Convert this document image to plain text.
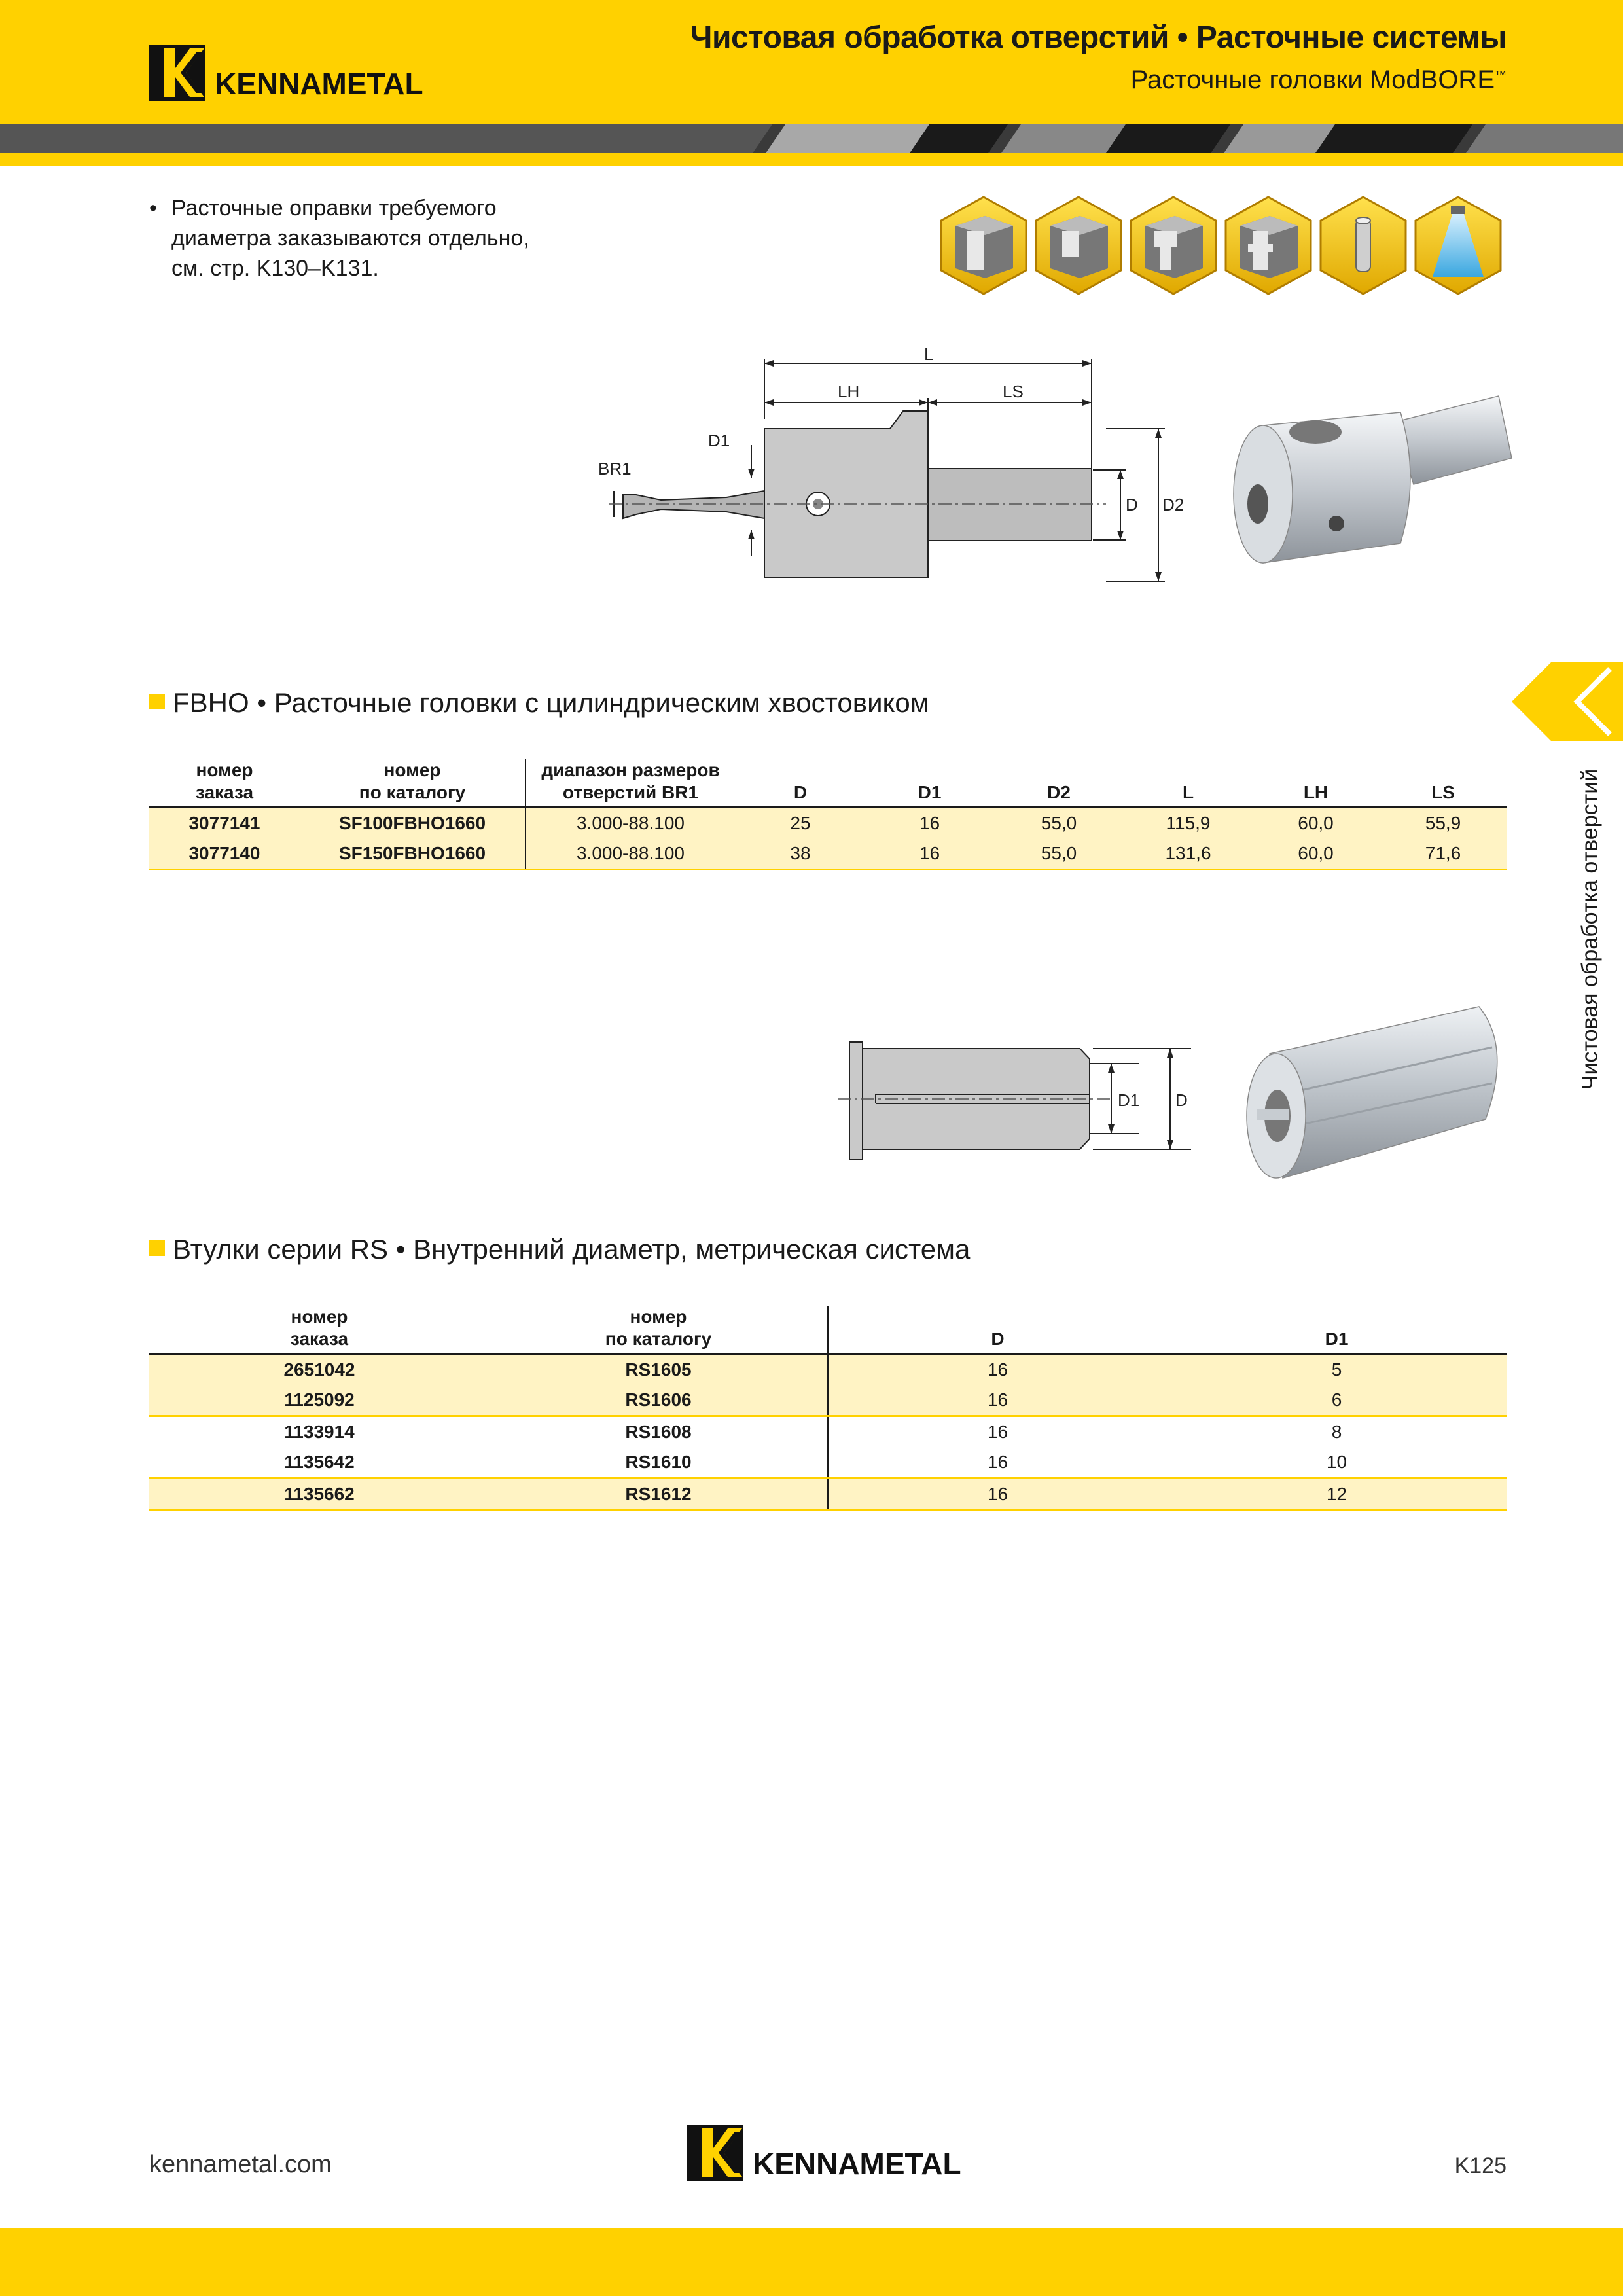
KENNAMETAL
Чистовая обработка отверстий • Расточные системы
Расточные головки ModBORE™
Чистовая обработка отверстий
• Расточные оправки требуемого диаметра заказываются отдельно, см. стр. K130–K131.
L
LH	LS
D1
BR1
D D2
FBHO • Расточные головки с цилиндрическим хвостовиком
номер
заказа	номер
по каталогу	диапазон размеров
отверстий BR1	D	D1	D2	L	LH	LS
3077141	SF100FBHO1660	3.000-88.100	25	16	55,0	115,9	60,0	55,9
3077140	SF150FBHO1660	3.000-88.100	38	16	55,0	131,6	60,0	71,6
D1 D
Втулки серии RS • Внутренний диаметр, метрическая система
номер
заказа	номер
по каталогу	D	D1
2651042	RS1605	16	5
1125092	RS1606	16	6
1133914	RS1608	16	8
1135642	RS1610	16	10
1135662	RS1612	16	12
kennametal.com	KENNAMETAL	K125
